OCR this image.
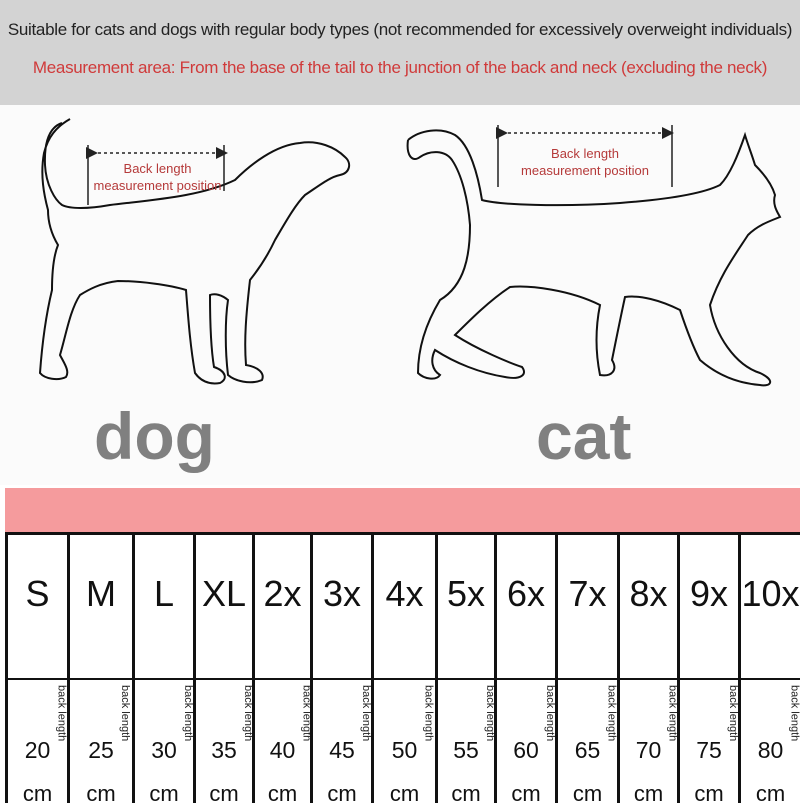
Suitable for cats and dogs with regular body types (not recommended for excessively overweight individuals)
Measurement area: From the base of the tail to the junction of the back and neck (excluding the neck)
Back length
measurement position
Back length
measurement position
dog	cat
S
back length
20
cm
M
back length
25
cm
L
back length
30
cm
XL
back length
35
cm
2x
back length
40
cm
3x
back length
45
cm
4x
back length
50
cm
5x
back length
55
cm
6x
back length
60
cm
7x
back length
65
cm
8x
back length
70
cm
9x
back length
75
cm
10x
back length
80
cm
